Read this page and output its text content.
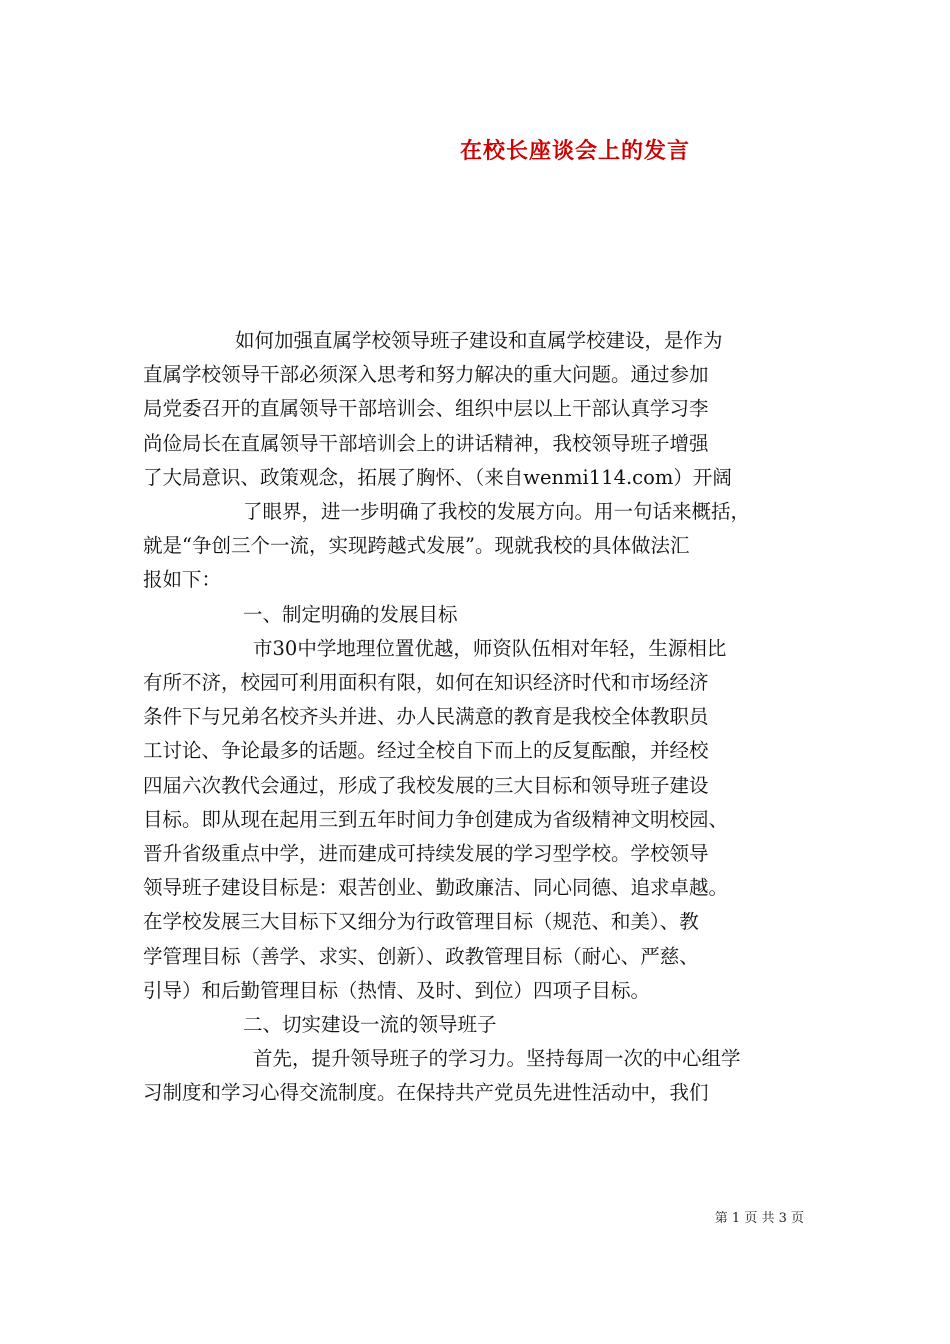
在校长座谈会上的发言
如何加强直属学校领导班子建设和直属学校建设，是作为
直属学校领导干部必须深入思考和努力解决的重大问题。通过参加
局党委召开的直属领导干部培训会、组织中层以上干部认真学习李
尚俭局长在直属领导干部培训会上的讲话精神，我校领导班子增强
了大局意识、政策观念，拓展了胸怀、（来自wenmi114.com）开阔
了眼界，进一步明确了我校的发展方向。用一句话来概括，
就是“争创三个一流，实现跨越式发展”。现就我校的具体做法汇
报如下：
一、制定明确的发展目标
市30中学地理位置优越，师资队伍相对年轻，生源相比
有所不济，校园可利用面积有限，如何在知识经济时代和市场经济
条件下与兄弟名校齐头并进、办人民满意的教育是我校全体教职员
工讨论、争论最多的话题。经过全校自下而上的反复酝酿，并经校
四届六次教代会通过，形成了我校发展的三大目标和领导班子建设
目标。即从现在起用三到五年时间力争创建成为省级精神文明校园、
晋升省级重点中学，进而建成可持续发展的学习型学校。学校领导
领导班子建设目标是：艰苦创业、勤政廉洁、同心同德、追求卓越。
在学校发展三大目标下又细分为行政管理目标（规范、和美）、教
学管理目标（善学、求实、创新）、政教管理目标（耐心、严慈、
引导）和后勤管理目标（热情、及时、到位）四项子目标。
二、切实建设一流的领导班子
首先，提升领导班子的学习力。坚持每周一次的中心组学
习制度和学习心得交流制度。在保持共产党员先进性活动中，我们
第 1 页 共 3 页
